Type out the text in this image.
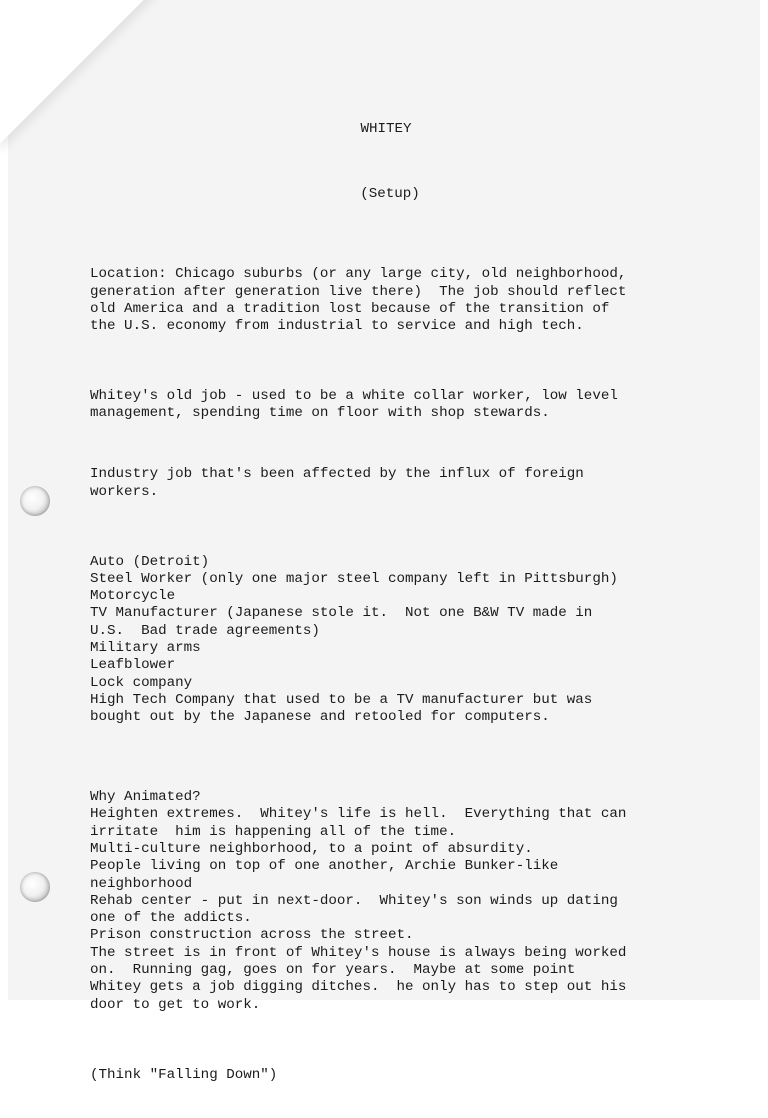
WHITEY

(Setup)

Location: Chicago suburbs (or any large city, old neighborhood,
generation after generation live there)  The job should reflect
old America and a tradition lost because of the transition of
the U.S. economy from industrial to service and high tech.

Whitey's old job - used to be a white collar worker, low level
management, spending time on floor with shop stewards.

Industry job that's been affected by the influx of foreign
workers.

Auto (Detroit)
Steel Worker (only one major steel company left in Pittsburgh)
Motorcycle
TV Manufacturer (Japanese stole it.  Not one B&W TV made in
U.S.  Bad trade agreements)
Military arms
Leafblower
Lock company
High Tech Company that used to be a TV manufacturer but was
bought out by the Japanese and retooled for computers.

Why Animated?
Heighten extremes.  Whitey's life is hell.  Everything that can
irritate  him is happening all of the time.
Multi-culture neighborhood, to a point of absurdity.
People living on top of one another, Archie Bunker-like
neighborhood
Rehab center - put in next-door.  Whitey's son winds up dating
one of the addicts.
Prison construction across the street.
The street is in front of Whitey's house is always being worked
on.  Running gag, goes on for years.  Maybe at some point
Whitey gets a job digging ditches.  he only has to step out his
door to get to work.

(Think "Falling Down")
